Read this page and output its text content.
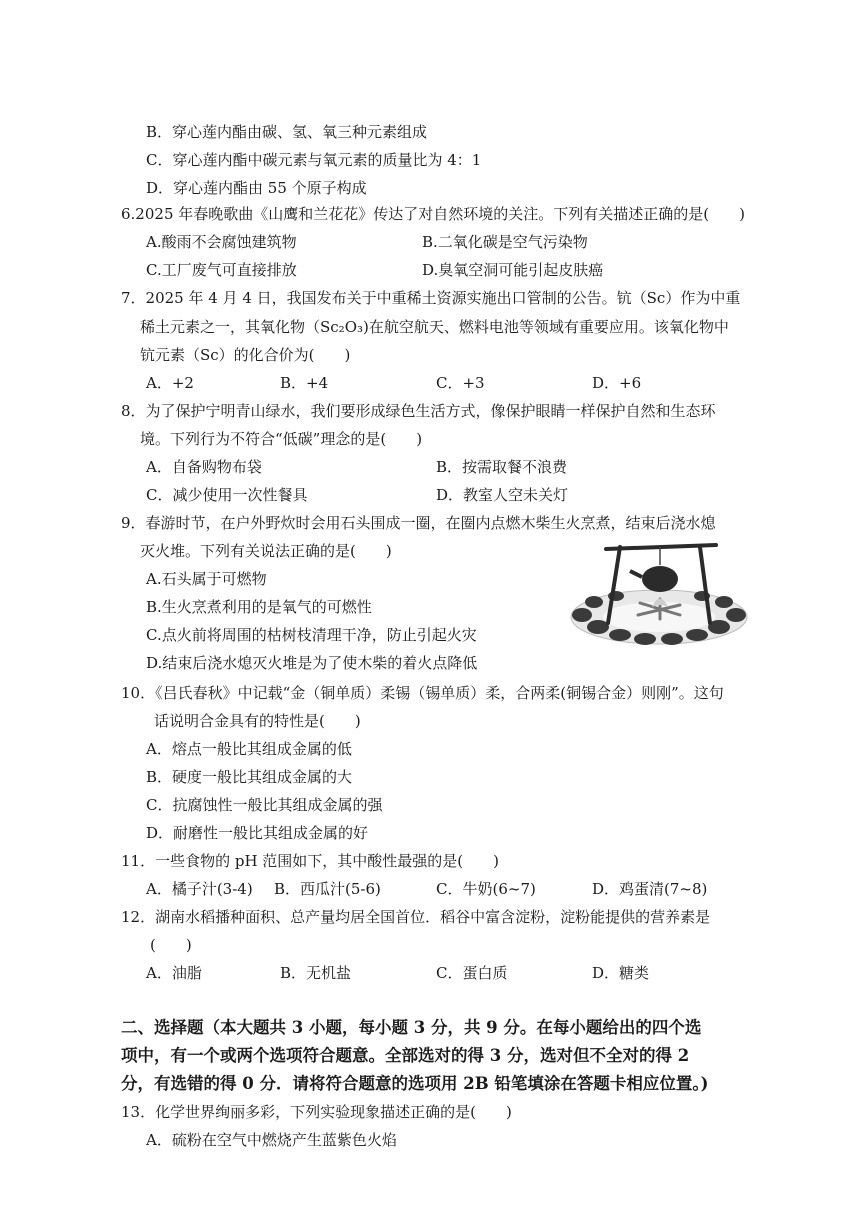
B．穿心莲内酯由碳、氢、氧三种元素组成
C．穿心莲内酯中碳元素与氧元素的质量比为 4：1
D．穿心莲内酯由 55 个原子构成
6.2025 年春晚歌曲《山鹰和兰花花》传达了对自然环境的关注。下列有关描述正确的是(　　)
A.酸雨不会腐蚀建筑物	B.二氧化碳是空气污染物
C.工厂废气可直接排放	D.臭氧空洞可能引起皮肤癌
7．2025 年 4 月 4 日，我国发布关于中重稀土资源实施出口管制的公告。钪（Sc）作为中重
稀土元素之一，其氧化物（Sc₂O₃)在航空航天、燃料电池等领域有重要应用。该氧化物中
钪元素（Sc）的化合价为(　　)
A．+2	B．+4	C．+3	D．+6
8．为了保护宁明青山绿水，我们要形成绿色生活方式，像保护眼睛一样保护自然和生态环
境。下列行为不符合“低碳”理念的是(　　)
A．自备购物布袋	B．按需取餐不浪费
C．减少使用一次性餐具	D．教室人空未关灯
9．春游时节，在户外野炊时会用石头围成一圈，在圈内点燃木柴生火烹煮，结束后浇水熄
灭火堆。下列有关说法正确的是(　　)
A.石头属于可燃物
B.生火烹煮利用的是氧气的可燃性
C.点火前将周围的枯树枝清理干净，防止引起火灾
D.结束后浇水熄灭火堆是为了使木柴的着火点降低
10．《吕氏春秋》中记载“金（铜单质）柔锡（锡单质）柔，合两柔(铜锡合金）则刚”。这句
话说明合金具有的特性是(　　)
A．熔点一般比其组成金属的低
B．硬度一般比其组成金属的大
C．抗腐蚀性一般比其组成金属的强
D．耐磨性一般比其组成金属的好
11．一些食物的 pH 范围如下，其中酸性最强的是(　　)
A．橘子汁(3-4) B．西瓜汁(5-6)	C．牛奶(6~7)	D．鸡蛋清(7~8)
12．湖南水稻播种面积、总产量均居全国首位．稻谷中富含淀粉，淀粉能提供的营养素是
(　　)
A．油脂	B．无机盐	C．蛋白质	D．糖类
二、选择题（本大题共 3 小题，每小题 3 分，共 9 分。在每小题给出的四个选
项中，有一个或两个选项符合题意。全部选对的得 3 分，选对但不全对的得 2
分，有选错的得 0 分．请将符合题意的选项用 2B 铅笔填涂在答题卡相应位置。)
13．化学世界绚丽多彩，下列实验现象描述正确的是(　　)
A．硫粉在空气中燃烧产生蓝紫色火焰
